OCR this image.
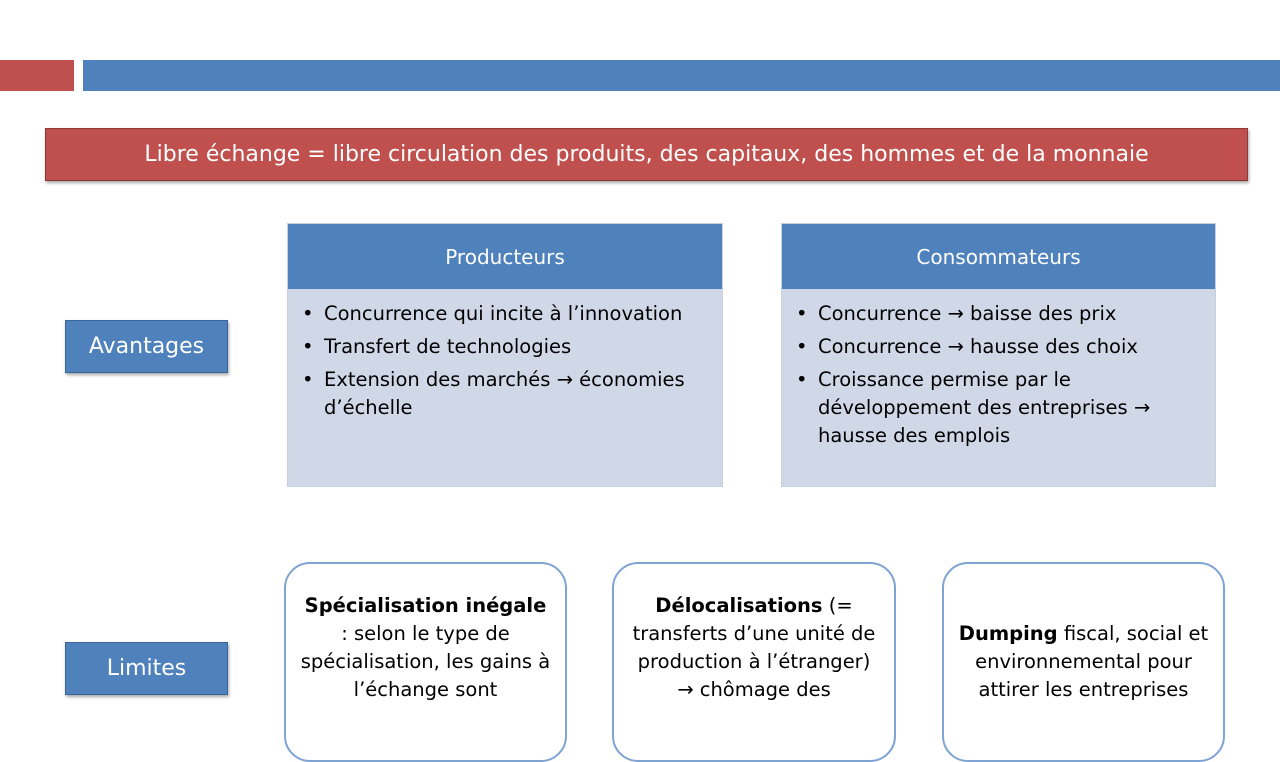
Libre échange = libre circulation des produits, des capitaux, des hommes et de la monnaie
Avantages
Producteurs
• Concurrence qui incite à l’innovation
• Transfert de technologies
• Extension des marchés → économies d’échelle
Consommateurs
• Concurrence → baisse des prix
• Concurrence → hausse des choix
• Croissance permise par le développement des entreprises → hausse des emplois
Limites
Spécialisation inégale : selon le type de spécialisation, les gains à l’échange sont
Délocalisations (= transferts d’une unité de production à l’étranger) → chômage des
Dumping fiscal, social et environnemental pour attirer les entreprises
